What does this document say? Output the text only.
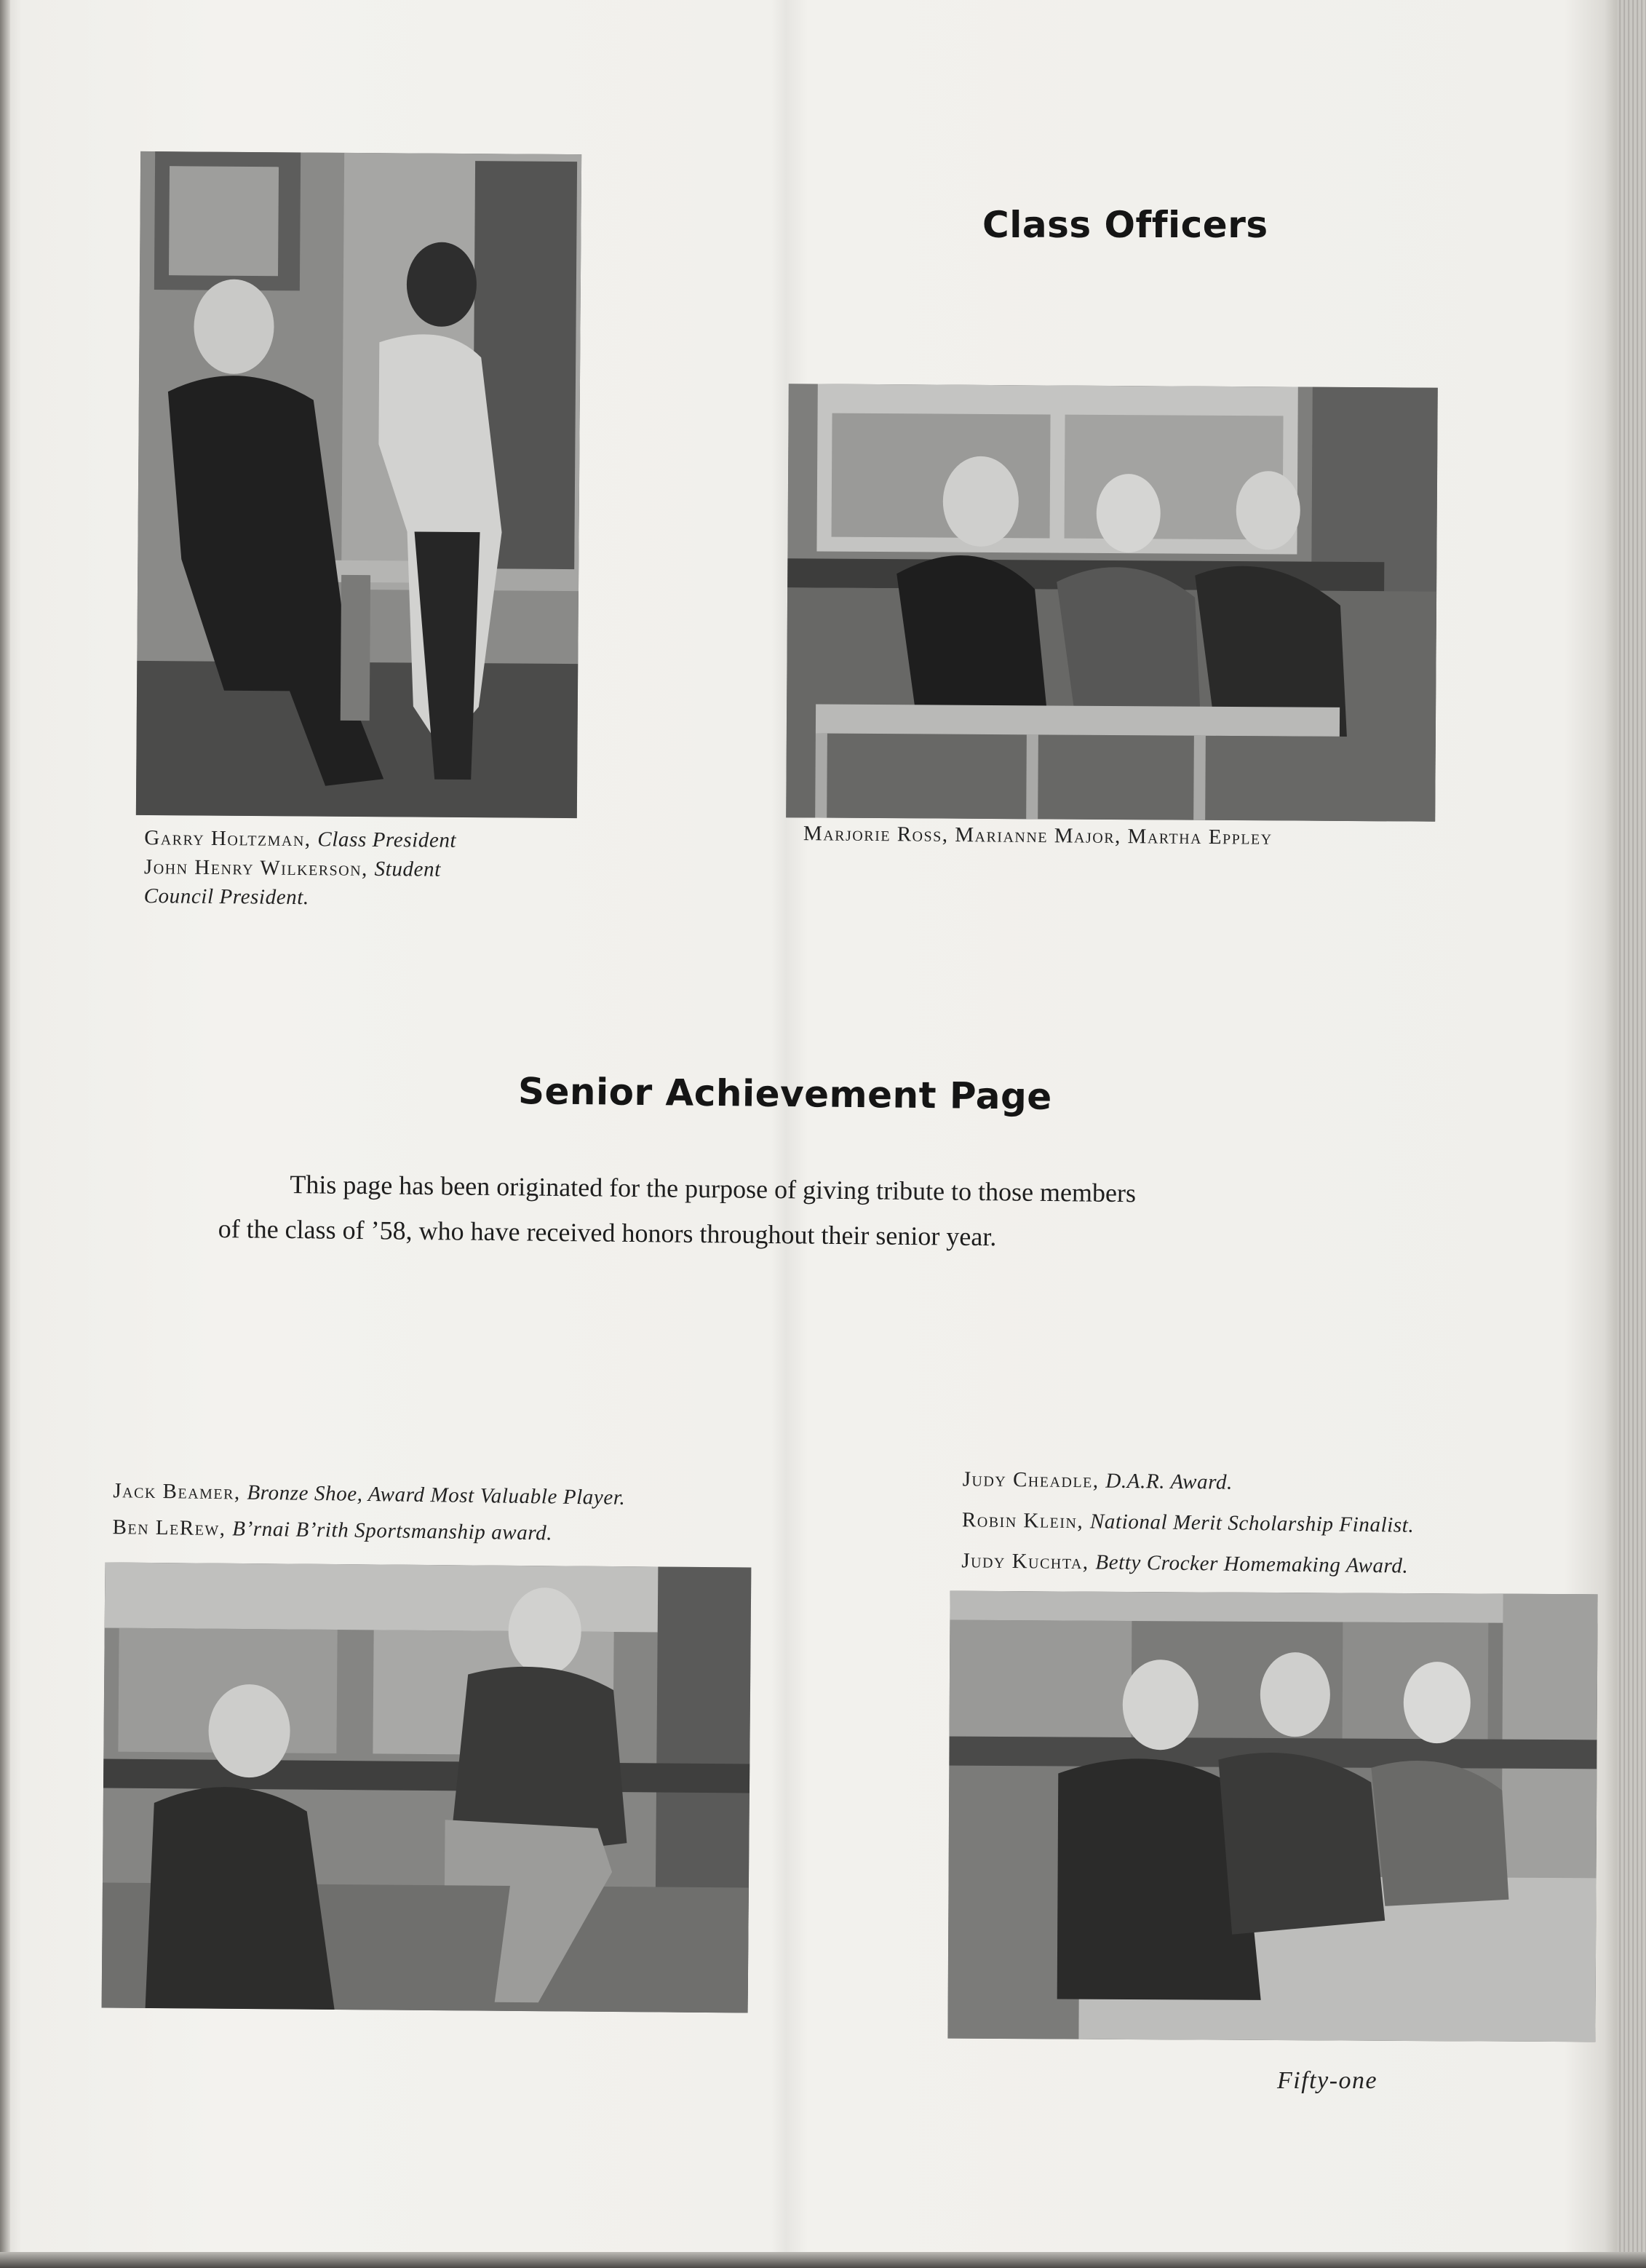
Class Officers
Senior Achievement Page
Garry Holtzman, Class President
John Henry Wilkerson, Student
Council President.
Marjorie Ross, Marianne Major, Martha Eppley

This page has been originated for the purpose of giving tribute to those members
of the class of ’58, who have received honors throughout their senior year.

Jack Beamer, Bronze Shoe, Award Most Valuable Player.
Ben LeRew, B’rnai B’rith Sportsmanship award.
Judy Cheadle, D.A.R. Award.
Robin Klein, National Merit Scholarship Finalist.
Judy Kuchta, Betty Crocker Homemaking Award.
Fifty-one
